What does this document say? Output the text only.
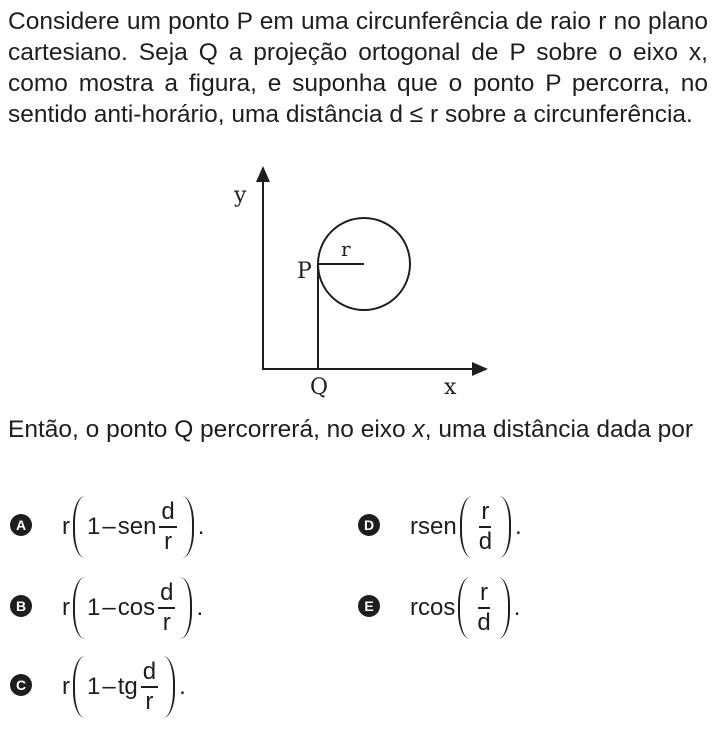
Considere um ponto P em uma circunferência de raio r no plano cartesiano. Seja Q a projeção ortogonal de P sobre o eixo x, como mostra a figura, e suponha que o ponto P percorra, no sentido anti-horário, uma distância d ≤ r sobre a circunferência.

y
x
P
Q
r

Então, o ponto Q percorrerá, no eixo x, uma distância dada por

A r 1 – sen $\frac{d}{r}$ .
B r $1 - \cos \frac{d}{r}$ .
C r 1 – tg $\frac{d}{r}$ .
D rsen $\frac{r}{d}$ .
E rcos $\frac{r}{d}$ .
